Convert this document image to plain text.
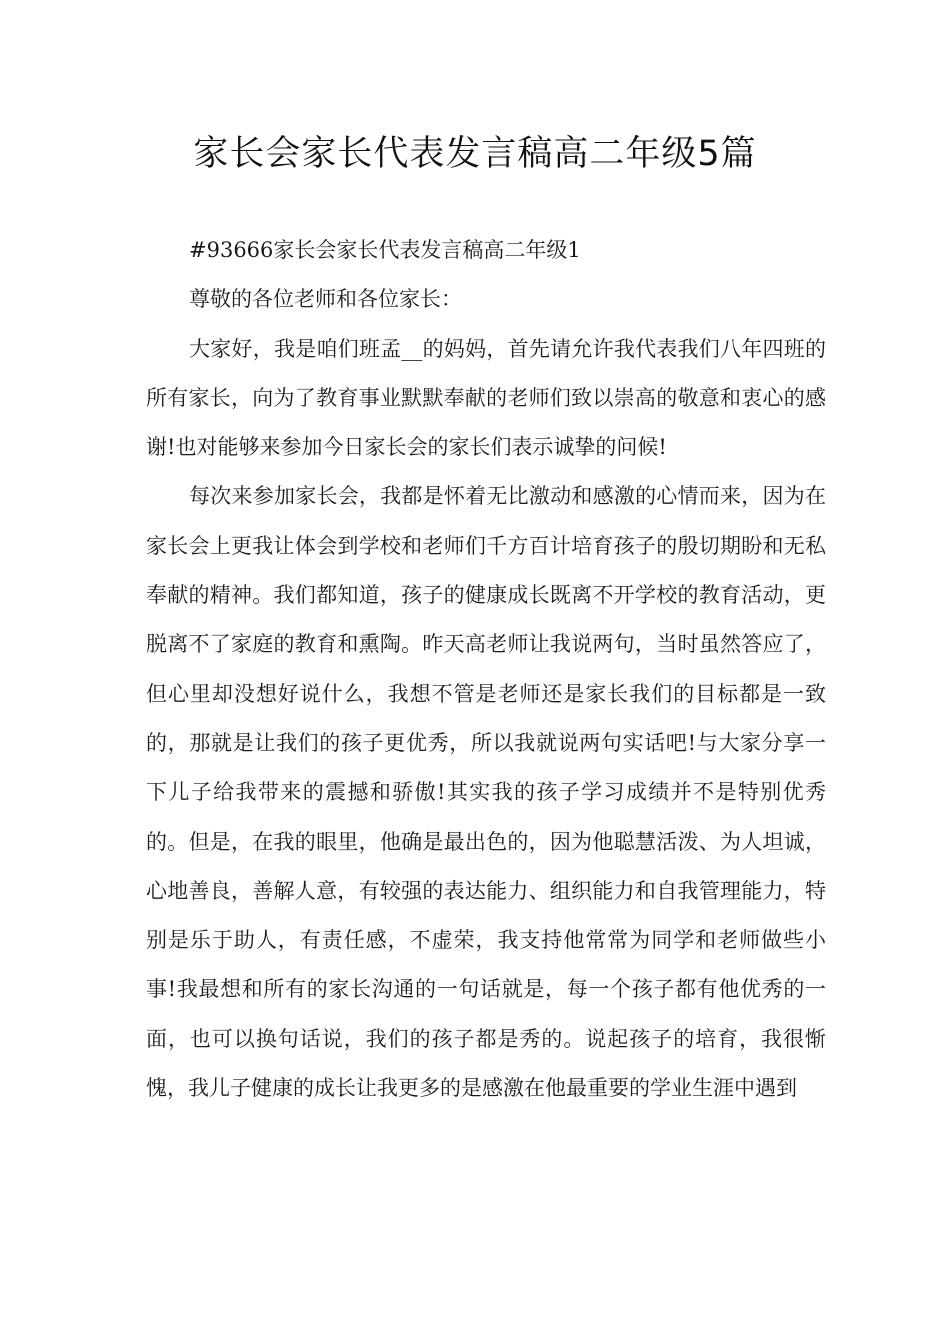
家长会家长代表发言稿高二年级5篇

#93666家长会家长代表发言稿高二年级1

尊敬的各位老师和各位家长：

大家好，我是咱们班孟__的妈妈，首先请允许我代表我们八年四班的所有家长，向为了教育事业默默奉献的老师们致以崇高的敬意和衷心的感谢!也对能够来参加今日家长会的家长们表示诚挚的问候!

每次来参加家长会，我都是怀着无比激动和感激的心情而来，因为在家长会上更我让体会到学校和老师们千方百计培育孩子的殷切期盼和无私奉献的精神。我们都知道，孩子的健康成长既离不开学校的教育活动，更脱离不了家庭的教育和熏陶。昨天高老师让我说两句，当时虽然答应了，但心里却没想好说什么，我想不管是老师还是家长我们的目标都是一致的，那就是让我们的孩子更优秀，所以我就说两句实话吧!与大家分享一下儿子给我带来的震撼和骄傲!其实我的孩子学习成绩并不是特别优秀的。但是，在我的眼里，他确是最出色的，因为他聪慧活泼、为人坦诚，心地善良，善解人意，有较强的表达能力、组织能力和自我管理能力，特别是乐于助人，有责任感，不虚荣，我支持他常常为同学和老师做些小事!我最想和所有的家长沟通的一句话就是，每一个孩子都有他优秀的一面，也可以换句话说，我们的孩子都是秀的。说起孩子的培育，我很惭愧，我儿子健康的成长让我更多的是感激在他最重要的学业生涯中遇到
